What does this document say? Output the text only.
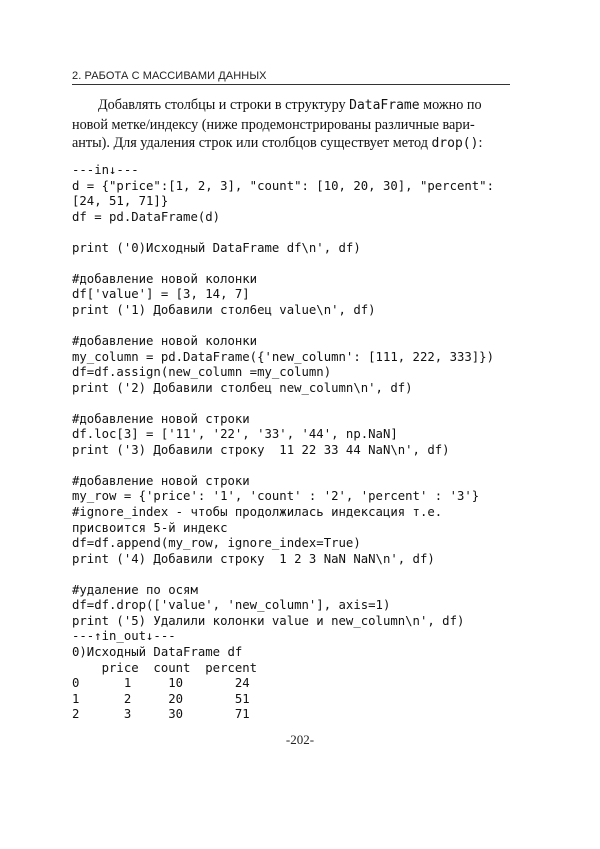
2. РАБОТА С МАССИВАМИ ДАННЫХ
Добавлять столбцы и строки в структуру DataFrame можно по
новой метке/индексу (ниже продемонстрированы различные вари-
анты). Для удаления строк или столбцов существует метод drop():
---in↓---
d = {"price":[1, 2, 3], "count": [10, 20, 30], "percent":
[24, 51, 71]}
df = pd.DataFrame(d)
print ('0)Исходный DataFrame df\n', df)
#добавление новой колонки
df['value'] = [3, 14, 7]
print ('1) Добавили стол6ец value\n', df)
#добавление новой колонки
my_column = pd.DataFrame({'new_column': [111, 222, 333]})
df=df.assign(new_column =my_column)
print ('2) Добавили столбец new_column\n', df)
#добавление новой строки
df.loc[3] = ['11', '22', '33', '44', np.NaN]
print ('3) Добавили строку  11 22 33 44 NaN\n', df)
#добавление новой строки
my_row = {'price': '1', 'count' : '2', 'percent' : '3'}
#ignore_index - чтобы продолжилась индексация т.е.
присвоится 5-й индекс
df=df.append(my_row, ignore_index=True)
print ('4) Добавили строку  1 2 3 NaN NaN\n', df)
#удаление по осям
df=df.drop(['value', 'new_column'], axis=1)
print ('5) Удалили колонки value и new_column\n', df)
---↑in_out↓---
0)Исходный DataFrame df
price  count  percent
0      1     10       24
1      2     20       51
2      3     30       71
-202-
